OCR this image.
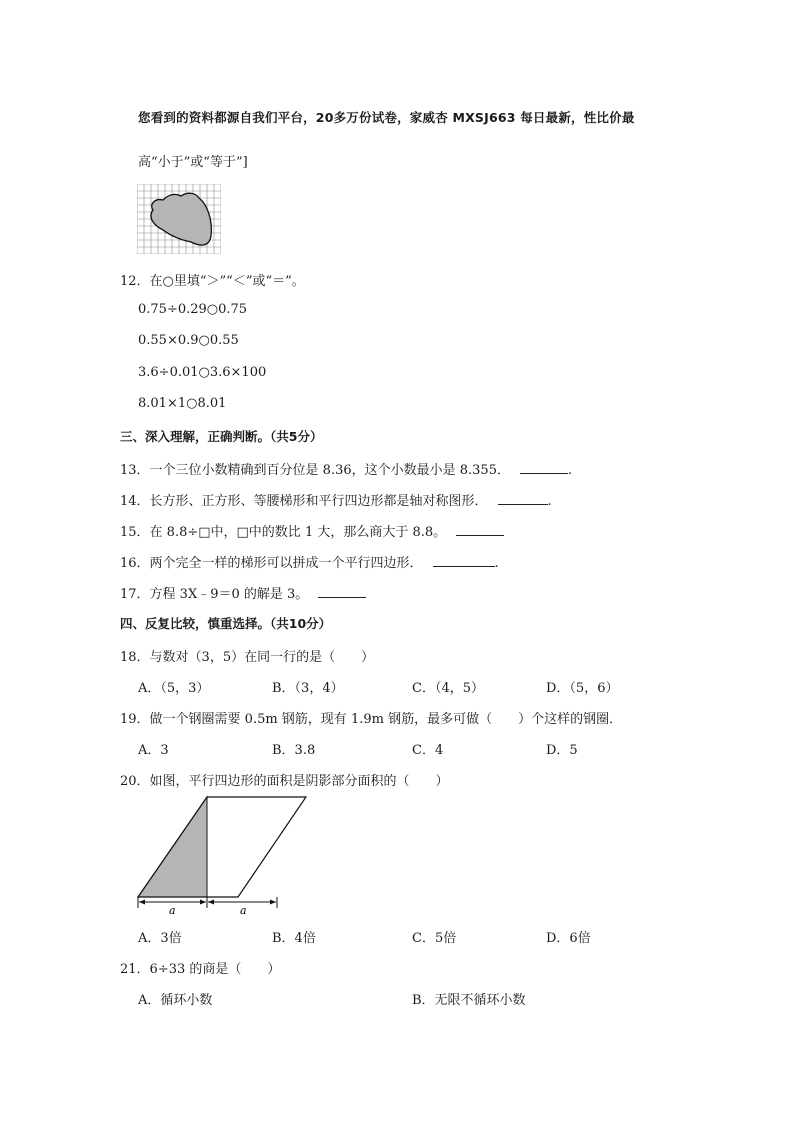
您看到的资料都源自我们平台，20多万份试卷，家威杏 MXSJ663 每日最新，性比价最
高“小于”或“等于”]
12．在○里填“＞”“＜”或“＝”。
0.75÷0.29○0.75
0.55×0.9○0.55
3.6÷0.01○3.6×100
8.01×1○8.01
三、深入理解，正确判断。（共5分）
13．一个三位小数精确到百分位是 8.36，这个小数最小是 8.355．	.
14．长方形、正方形、等腰梯形和平行四边形都是轴对称图形．	.
15．在 8.8÷□中，□中的数比 1 大，那么商大于 8.8。
16．两个完全一样的梯形可以拼成一个平行四边形．	.
17．方程 3X﹣9＝0 的解是 3。
四、反复比较，慎重选择。（共10分）
18．与数对（3，5）在同一行的是（　　）
A．（5，3）	B．（3，4）	C．（4，5）	D．（5，6）
19．做一个钢圈需要 0.5m 钢筋，现有 1.9m 钢筋，最多可做（　　）个这样的钢圈．
A．3	B．3.8	C．4	D．5
20．如图，平行四边形的面积是阴影部分面积的（　　）
a	a
A．3倍	B．4倍	C．5倍	D．6倍
21．6÷33 的商是（　　）
A．循环小数	B．无限不循环小数
